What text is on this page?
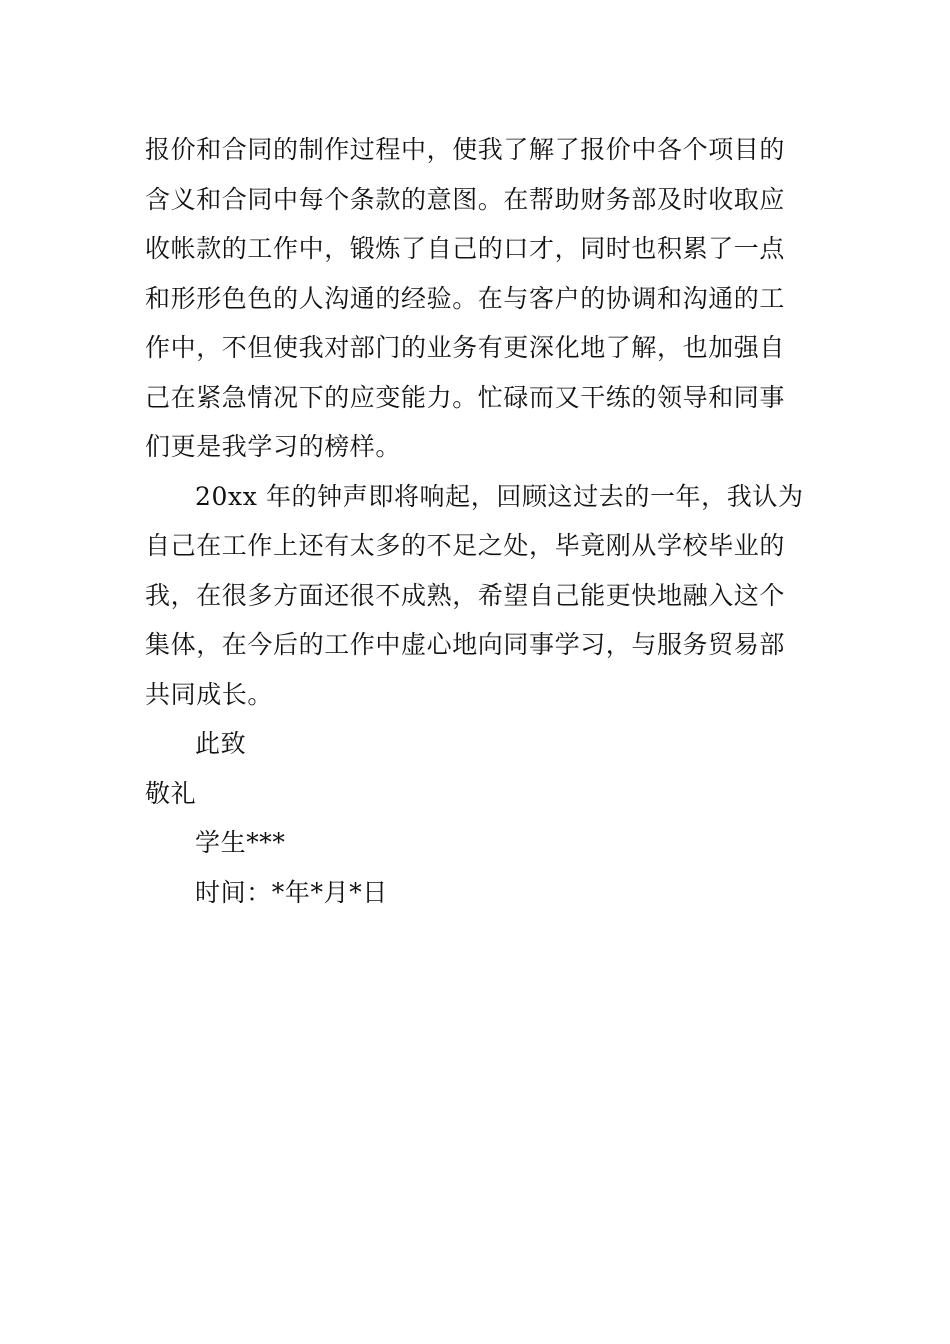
报价和合同的制作过程中，使我了解了报价中各个项目的
含义和合同中每个条款的意图。在帮助财务部及时收取应
收帐款的工作中，锻炼了自己的口才，同时也积累了一点
和形形色色的人沟通的经验。在与客户的协调和沟通的工
作中，不但使我对部门的业务有更深化地了解，也加强自
己在紧急情况下的应变能力。忙碌而又干练的领导和同事
们更是我学习的榜样。
20xx 年的钟声即将响起，回顾这过去的一年，我认为
自己在工作上还有太多的不足之处，毕竟刚从学校毕业的
我，在很多方面还很不成熟，希望自己能更快地融入这个
集体，在今后的工作中虚心地向同事学习，与服务贸易部
共同成长。
此致
敬礼
学生***
时间：*年*月*日
